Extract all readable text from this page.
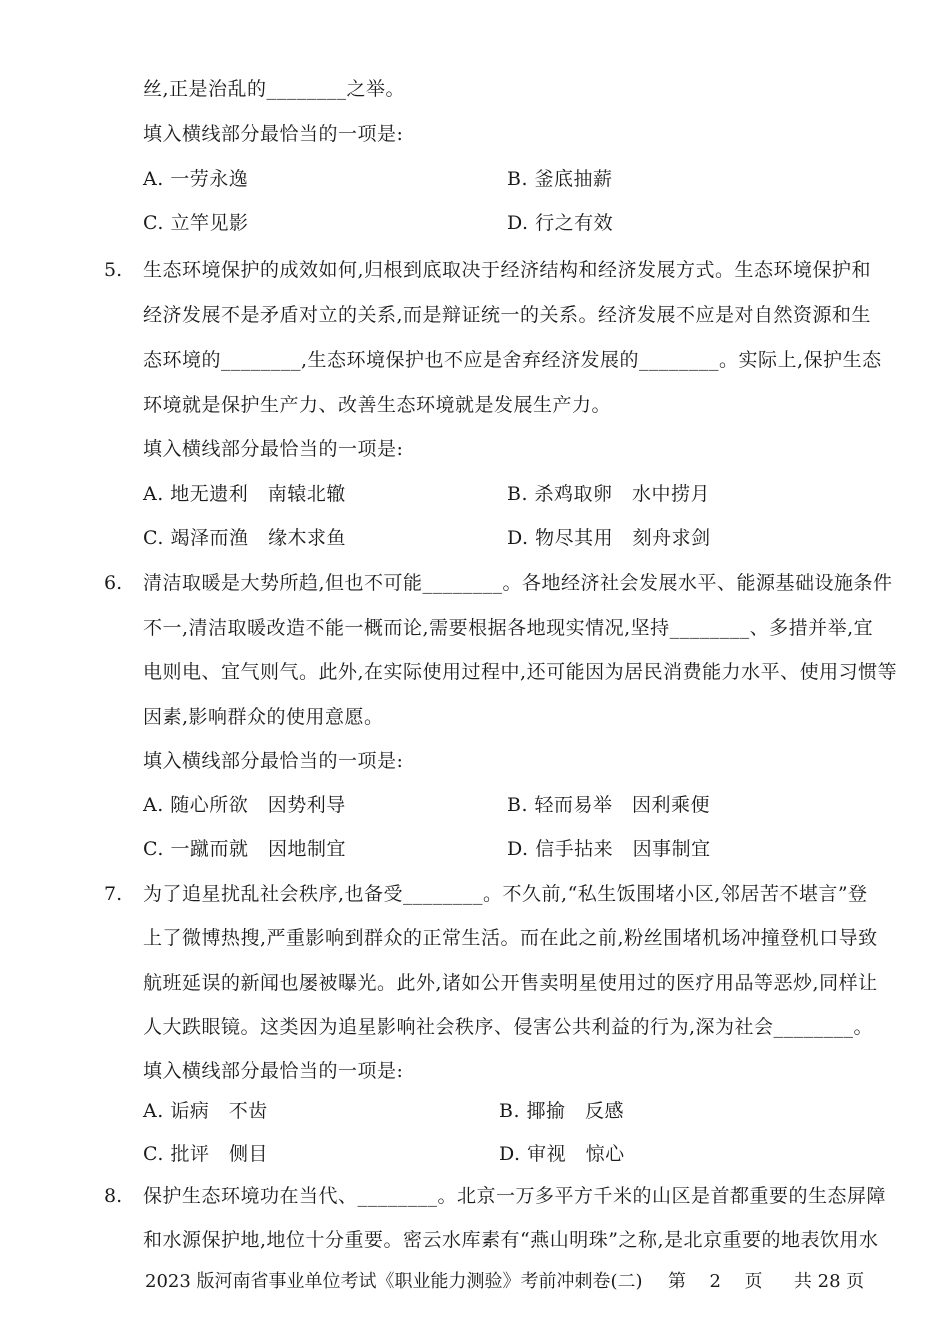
丝,正是治乱的________之举。
填入横线部分最恰当的一项是:
A. 一劳永逸	B. 釜底抽薪
C. 立竿见影	D. 行之有效
5. 生态环境保护的成效如何,归根到底取决于经济结构和经济发展方式。生态环境保护和
经济发展不是矛盾对立的关系,而是辩证统一的关系。经济发展不应是对自然资源和生
态环境的________,生态环境保护也不应是舍弃经济发展的________。实际上,保护生态
环境就是保护生产力、改善生态环境就是发展生产力。
填入横线部分最恰当的一项是:
A. 地无遗利　南辕北辙	B. 杀鸡取卵　水中捞月
C. 竭泽而渔　缘木求鱼	D. 物尽其用　刻舟求剑
6. 清洁取暖是大势所趋,但也不可能________。各地经济社会发展水平、能源基础设施条件
不一,清洁取暖改造不能一概而论,需要根据各地现实情况,坚持________、多措并举,宜
电则电、宜气则气。此外,在实际使用过程中,还可能因为居民消费能力水平、使用习惯等
因素,影响群众的使用意愿。
填入横线部分最恰当的一项是:
A. 随心所欲　因势利导	B. 轻而易举　因利乘便
C. 一蹴而就　因地制宜	D. 信手拈来　因事制宜
7. 为了追星扰乱社会秩序,也备受________。不久前,“私生饭围堵小区,邻居苦不堪言”登
上了微博热搜,严重影响到群众的正常生活。而在此之前,粉丝围堵机场冲撞登机口导致
航班延误的新闻也屡被曝光。此外,诸如公开售卖明星使用过的医疗用品等恶炒,同样让
人大跌眼镜。这类因为追星影响社会秩序、侵害公共利益的行为,深为社会________。
填入横线部分最恰当的一项是:
A. 诟病　不齿	B. 揶揄　反感
C. 批评　侧目	D. 审视　惊心
8. 保护生态环境功在当代、________。北京一万多平方千米的山区是首都重要的生态屏障
和水源保护地,地位十分重要。密云水库素有“燕山明珠”之称,是北京重要的地表饮用水
2023 版河南省事业单位考试《职业能力测验》考前冲刺卷(二) 第 2 页 共 28 页
